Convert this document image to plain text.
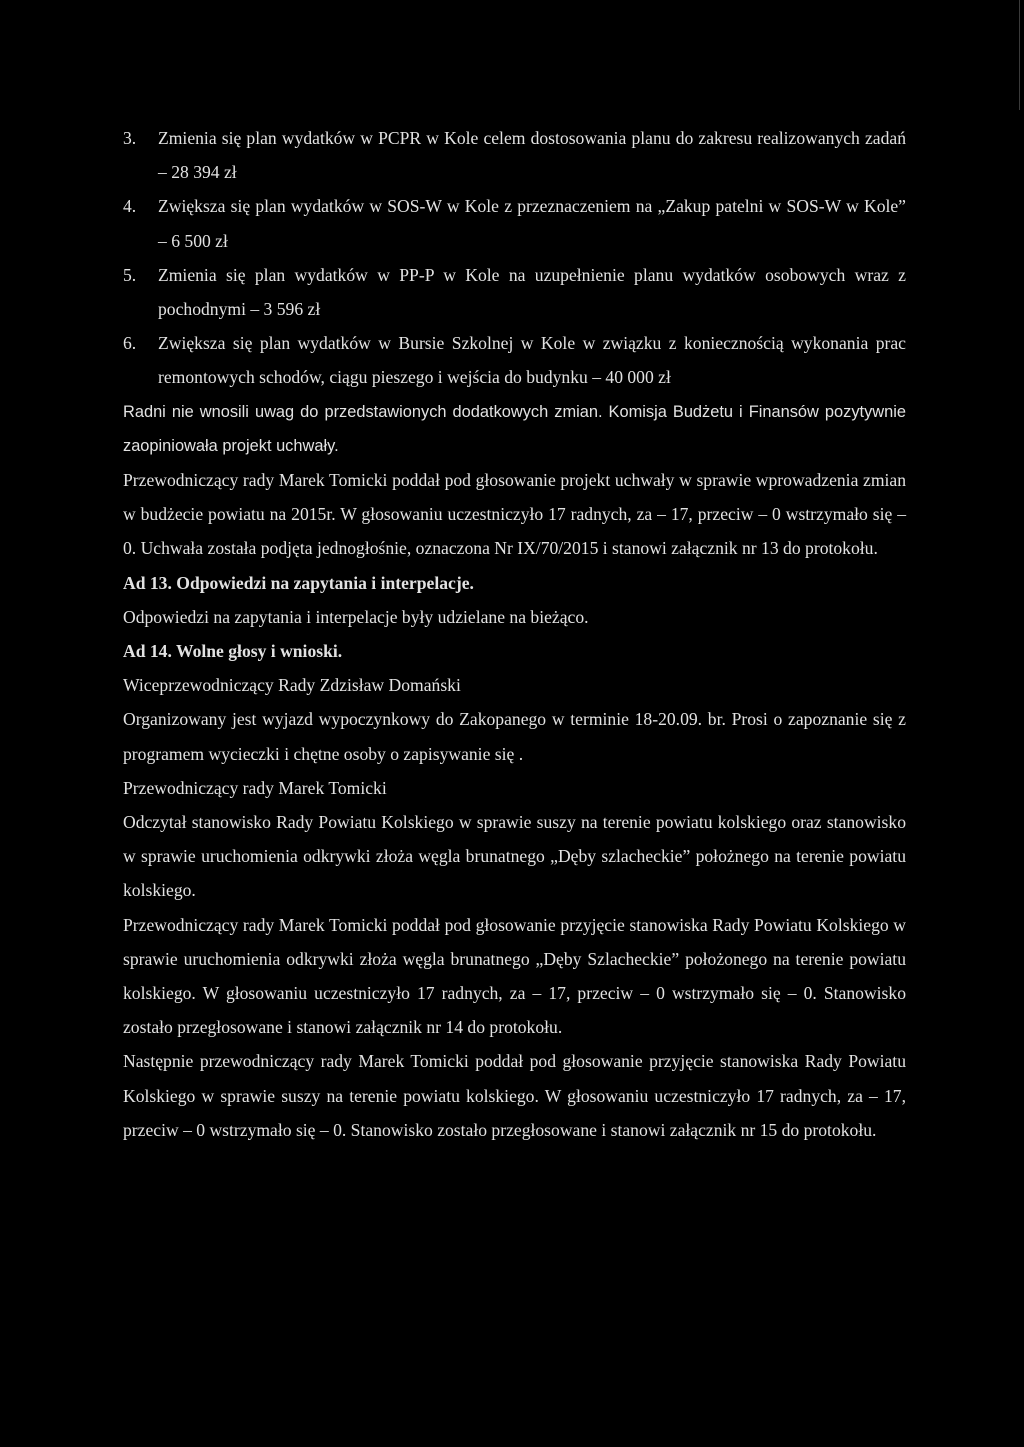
3. Zmienia się plan wydatków w PCPR w Kole celem dostosowania planu do zakresu realizowanych zadań – 28 394 zł
4. Zwiększa się plan wydatków w SOS-W w Kole z przeznaczeniem na „Zakup patelni w SOS-W w Kole” – 6 500 zł
5. Zmienia się plan wydatków w PP-P w Kole na uzupełnienie planu wydatków osobowych wraz z pochodnymi – 3 596 zł
6. Zwiększa się plan wydatków w Bursie Szkolnej w Kole w związku z koniecznością wykonania prac remontowych schodów, ciągu pieszego i wejścia do budynku – 40 000 zł

Radni nie wnosili uwag do przedstawionych dodatkowych zmian. Komisja Budżetu i Finansów pozytywnie zaopiniowała projekt uchwały.

Przewodniczący rady Marek Tomicki poddał pod głosowanie projekt uchwały w sprawie wprowadzenia zmian w budżecie powiatu na 2015r. W głosowaniu uczestniczyło 17 radnych, za – 17, przeciw – 0 wstrzymało się – 0. Uchwała została podjęta jednogłośnie, oznaczona Nr IX/70/2015 i stanowi załącznik nr 13 do protokołu.

Ad 13. Odpowiedzi na zapytania i interpelacje.

Odpowiedzi na zapytania i interpelacje były udzielane na bieżąco.

Ad 14. Wolne głosy i wnioski.

Wiceprzewodniczący Rady Zdzisław Domański

Organizowany jest wyjazd wypoczynkowy do Zakopanego w terminie 18-20.09. br. Prosi o zapoznanie się z programem wycieczki i chętne osoby o zapisywanie się .

Przewodniczący rady Marek Tomicki

Odczytał stanowisko Rady Powiatu Kolskiego w sprawie suszy na terenie powiatu kolskiego oraz stanowisko w sprawie uruchomienia odkrywki złoża węgla brunatnego „Dęby szlacheckie” położnego na terenie powiatu kolskiego.

Przewodniczący rady Marek Tomicki poddał pod głosowanie przyjęcie stanowiska Rady Powiatu Kolskiego w sprawie uruchomienia odkrywki złoża węgla brunatnego „Dęby Szlacheckie” położonego na terenie powiatu kolskiego. W głosowaniu uczestniczyło 17 radnych, za – 17, przeciw – 0 wstrzymało się – 0. Stanowisko zostało przegłosowane i stanowi załącznik nr 14 do protokołu.

Następnie przewodniczący rady Marek Tomicki poddał pod głosowanie przyjęcie stanowiska Rady Powiatu Kolskiego w sprawie suszy na terenie powiatu kolskiego. W głosowaniu uczestniczyło 17 radnych, za – 17, przeciw – 0 wstrzymało się – 0. Stanowisko zostało przegłosowane i stanowi załącznik nr 15 do protokołu.
